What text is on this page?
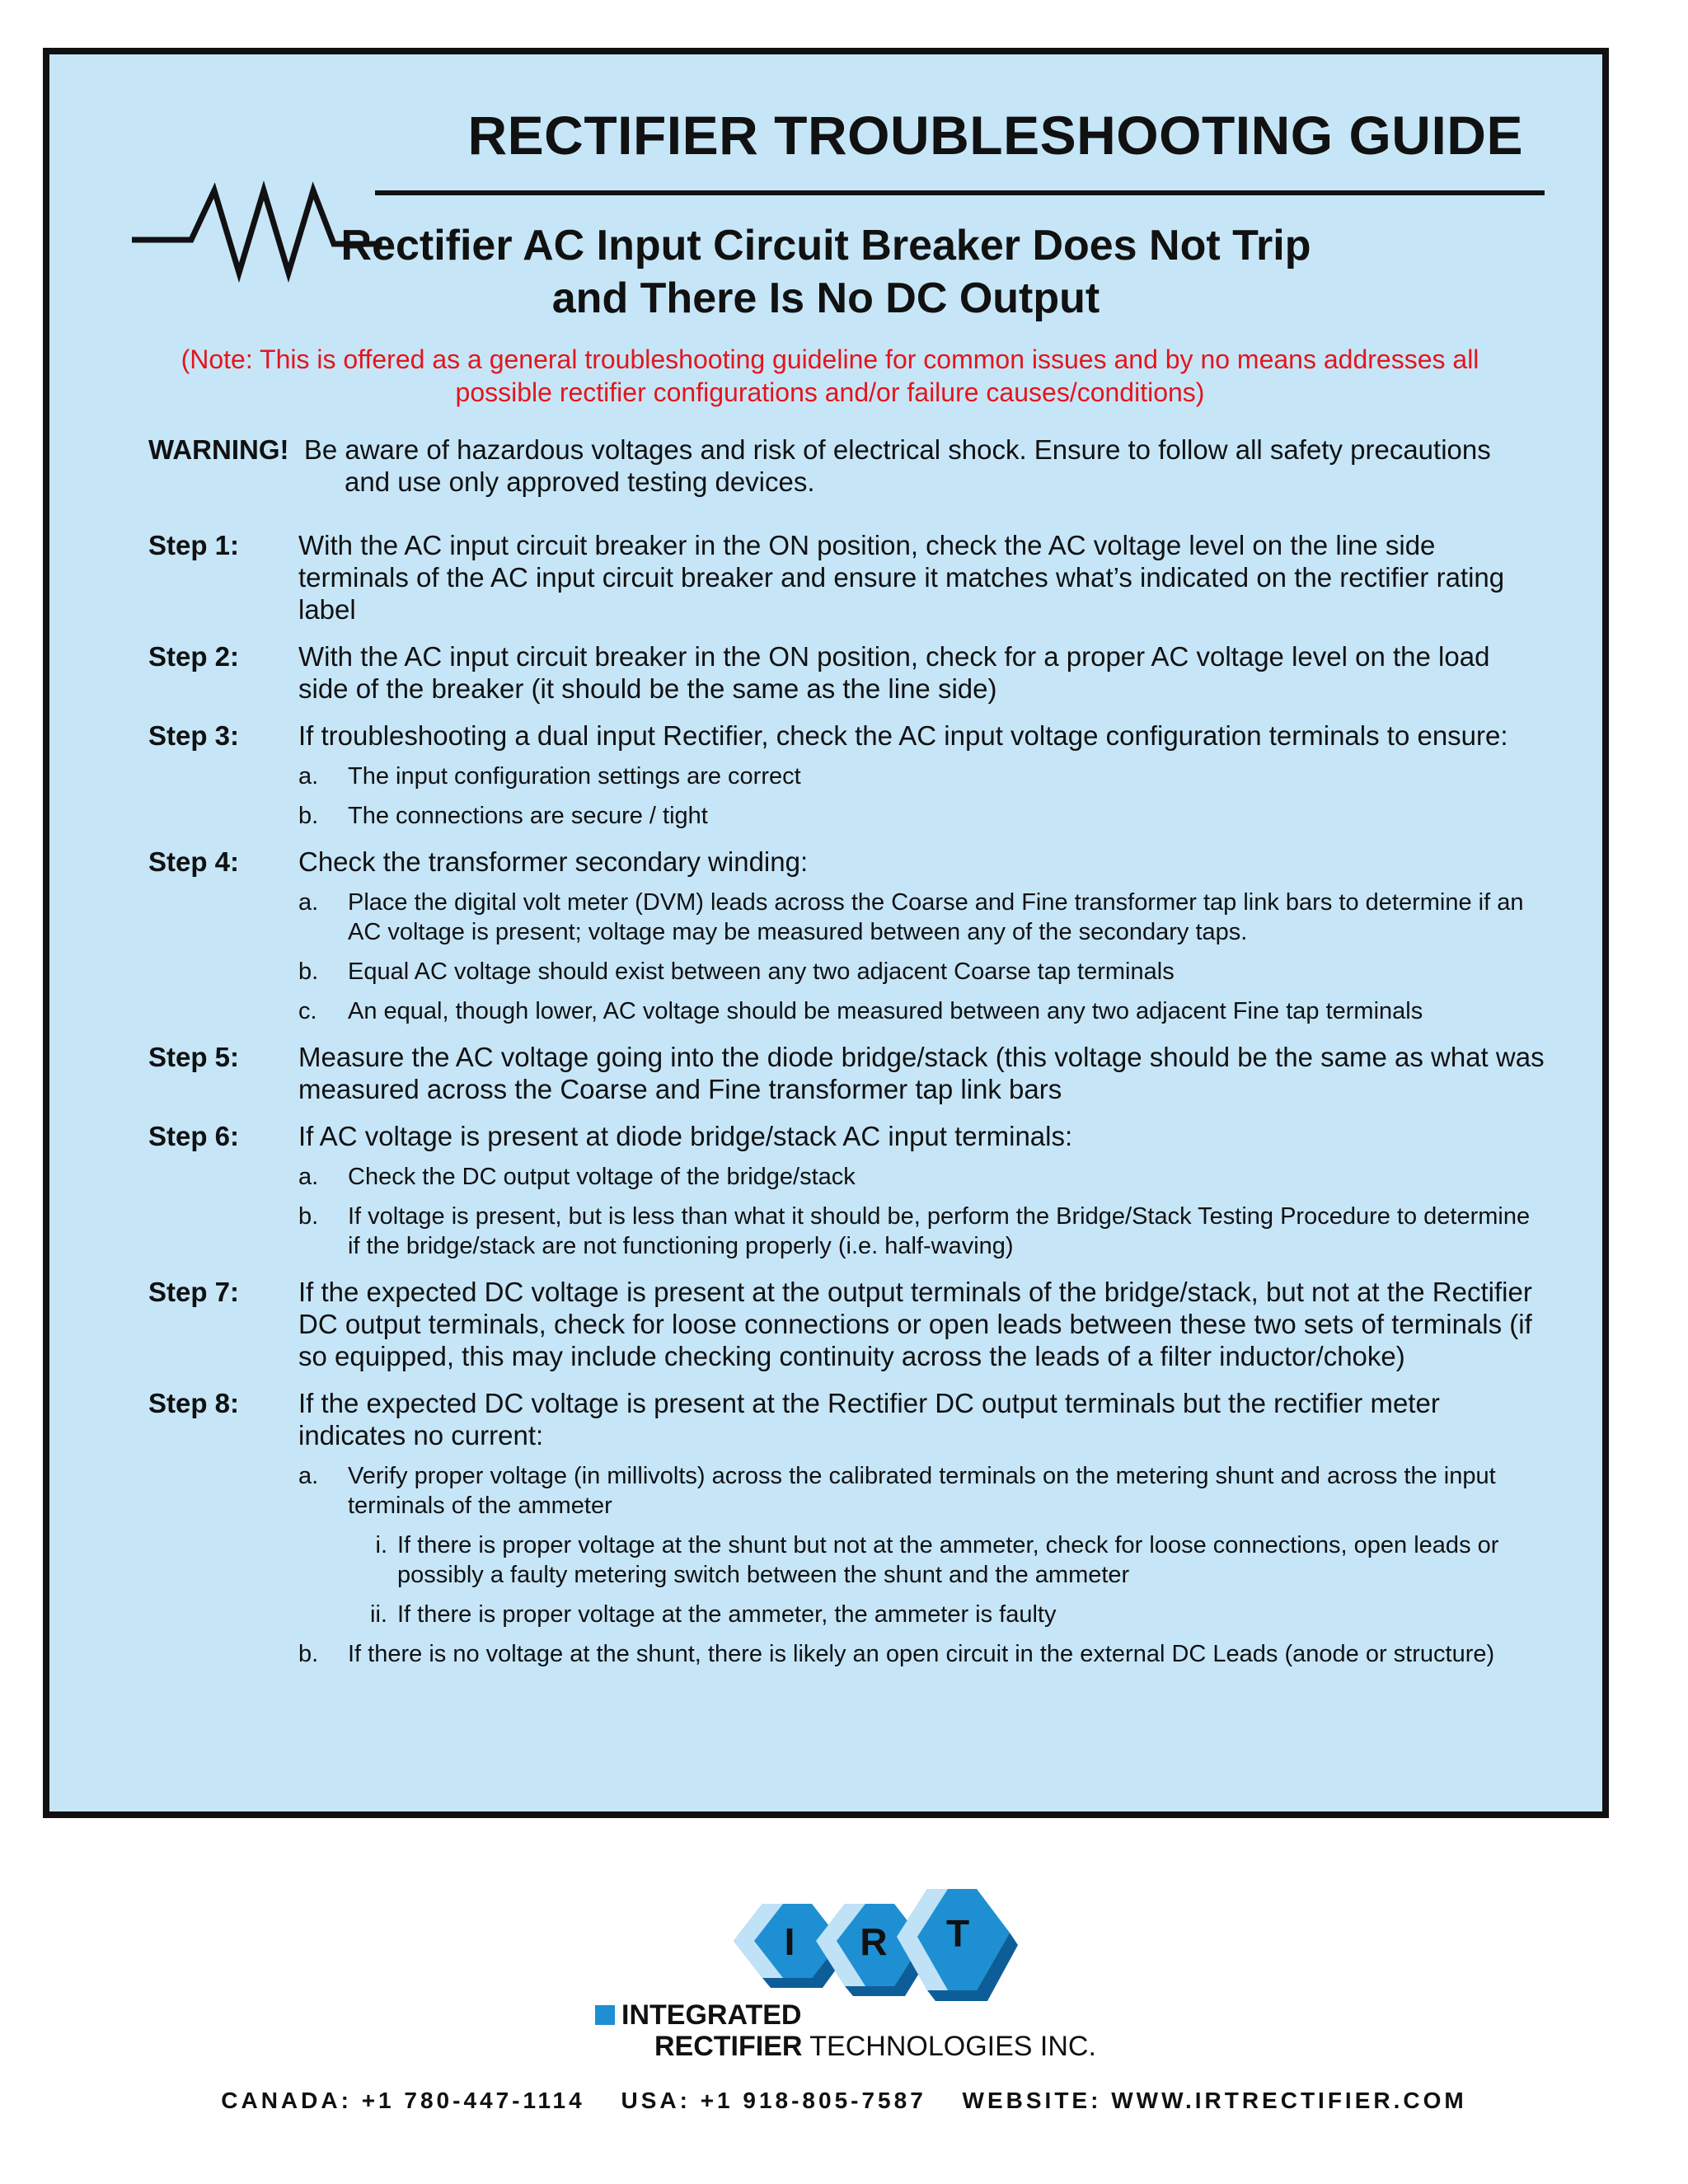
RECTIFIER TROUBLESHOOTING GUIDE
Rectifier AC Input Circuit Breaker Does Not Trip
and There Is No DC Output
(Note: This is offered as a general troubleshooting guideline for common issues and by no means addresses all
possible rectifier configurations and/or failure causes/conditions)
WARNING! Be aware of hazardous voltages and risk of electrical shock. Ensure to follow all safety precautions
and use only approved testing devices.
Step 1: With the AC input circuit breaker in the ON position, check the AC voltage level on the line side terminals of the AC input circuit breaker and ensure it matches what’s indicated on the rectifier rating label
Step 2: With the AC input circuit breaker in the ON position, check for a proper AC voltage level on the load side of the breaker (it should be the same as the line side)
Step 3: If troubleshooting a dual input Rectifier, check the AC input voltage configuration terminals to ensure:
a. The input configuration settings are correct
b. The connections are secure / tight
Step 4: Check the transformer secondary winding:
a. Place the digital volt meter (DVM) leads across the Coarse and Fine transformer tap link bars to determine if an AC voltage is present; voltage may be measured between any of the secondary taps.
b. Equal AC voltage should exist between any two adjacent Coarse tap terminals
c. An equal, though lower, AC voltage should be measured between any two adjacent Fine tap terminals
Step 5: Measure the AC voltage going into the diode bridge/stack (this voltage should be the same as what was measured across the Coarse and Fine transformer tap link bars
Step 6: If AC voltage is present at diode bridge/stack AC input terminals:
a. Check the DC output voltage of the bridge/stack
b. If voltage is present, but is less than what it should be, perform the Bridge/Stack Testing Procedure to determine if the bridge/stack are not functioning properly (i.e. half-waving)
Step 7: If the expected DC voltage is present at the output terminals of the bridge/stack, but not at the Rectifier DC output terminals, check for loose connections or open leads between these two sets of terminals (if so equipped, this may include checking continuity across the leads of a filter inductor/choke)
Step 8: If the expected DC voltage is present at the Rectifier DC output terminals but the rectifier meter indicates no current:
a. Verify proper voltage (in millivolts) across the calibrated terminals on the metering shunt and across the input terminals of the ammeter
i. If there is proper voltage at the shunt but not at the ammeter, check for loose connections, open leads or possibly a faulty metering switch between the shunt and the ammeter
ii. If there is proper voltage at the ammeter, the ammeter is faulty
b. If there is no voltage at the shunt, there is likely an open circuit in the external DC Leads (anode or structure)
I R T
INTEGRATED
RECTIFIER TECHNOLOGIES INC.
CANADA: +1 780-447-1114 USA: +1 918-805-7587 WEBSITE: WWW.IRTRECTIFIER.COM
